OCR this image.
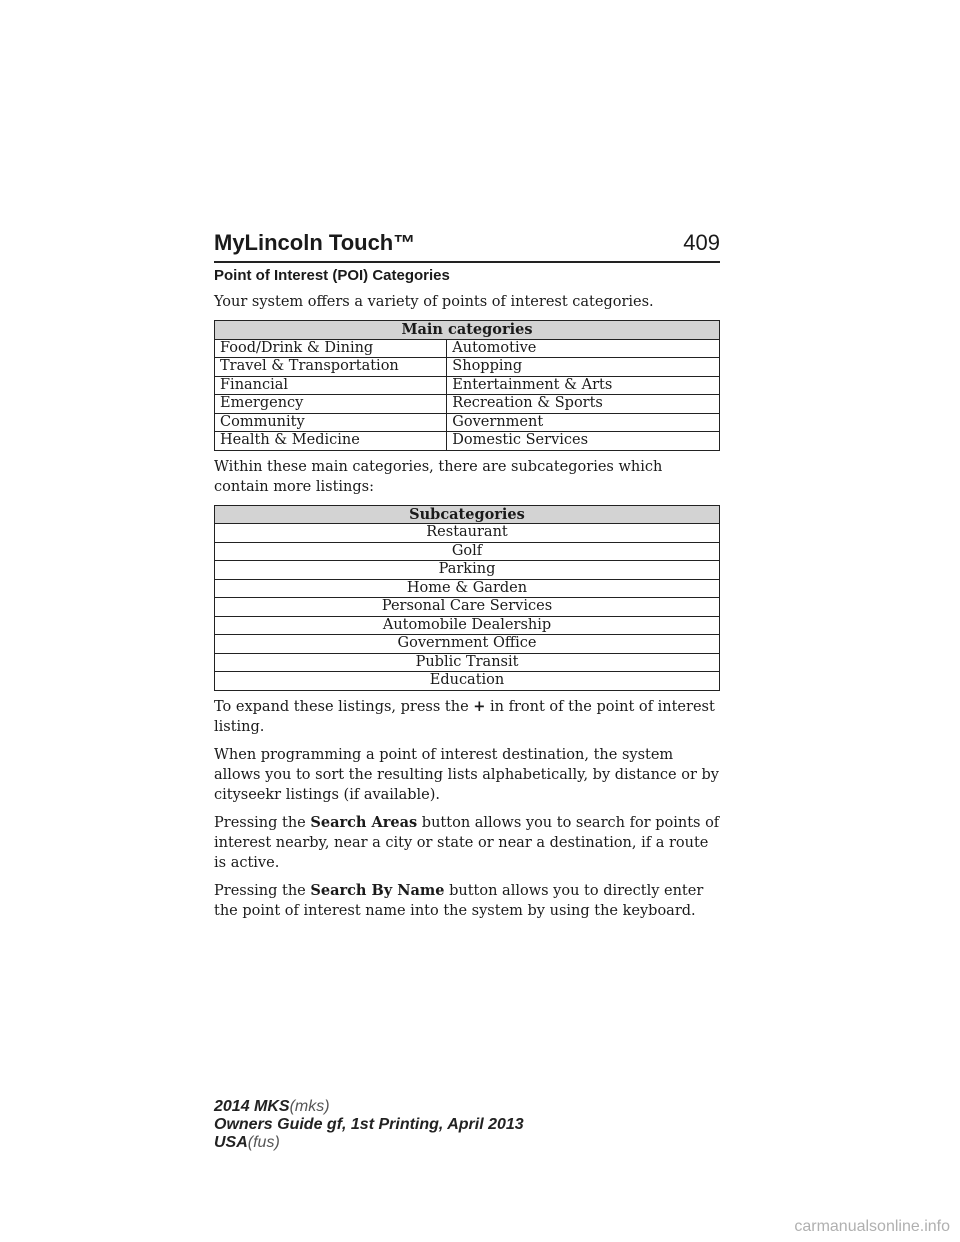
MyLincoln Touch™	409
Point of Interest (POI) Categories

Your system offers a variety of points of interest categories.

Main categories	
Food/Drink & Dining	Automotive
Travel & Transportation	Shopping
Financial	Entertainment & Arts
Emergency	Recreation & Sports
Community	Government
Health & Medicine	Domestic Services

Within these main categories, there are subcategories which contain more listings:

Subcategories
Restaurant
Golf
Parking
Home & Garden
Personal Care Services
Automobile Dealership
Government Office
Public Transit
Education

To expand these listings, press the + in front of the point of interest listing.

When programming a point of interest destination, the system allows you to sort the resulting lists alphabetically, by distance or by cityseekr listings (if available).

Pressing the Search Areas button allows you to search for points of interest nearby, near a city or state or near a destination, if a route is active.

Pressing the Search By Name button allows you to directly enter the point of interest name into the system by using the keyboard.

2014 MKS(mks)
Owners Guide gf, 1st Printing, April 2013
USA(fus)
carmanualsonline.info
